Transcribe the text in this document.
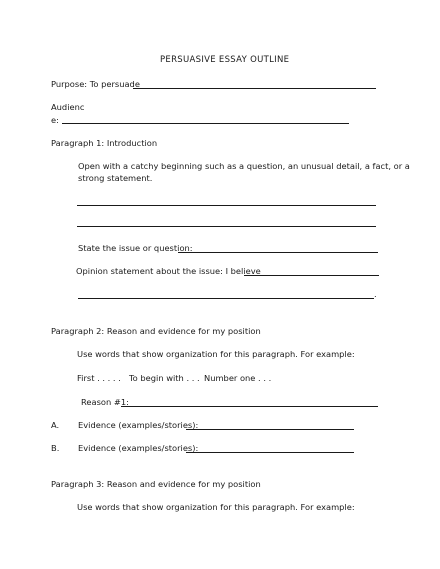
PERSUASIVE ESSAY OUTLINE
Purpose: To persuade
Audienc
e:
Paragraph 1: Introduction
Open with a catchy beginning such as a question, an unusual detail, a fact, or a
strong statement.
State the issue or question:
Opinion statement about the issue: I believe
.
Paragraph 2: Reason and evidence for my position
Use words that show organization for this paragraph. For example:
First . . . . . To begin with . . . Number one . . .
Reason #1:
A. Evidence (examples/stories):
B. Evidence (examples/stories):
Paragraph 3: Reason and evidence for my position
Use words that show organization for this paragraph. For example:
